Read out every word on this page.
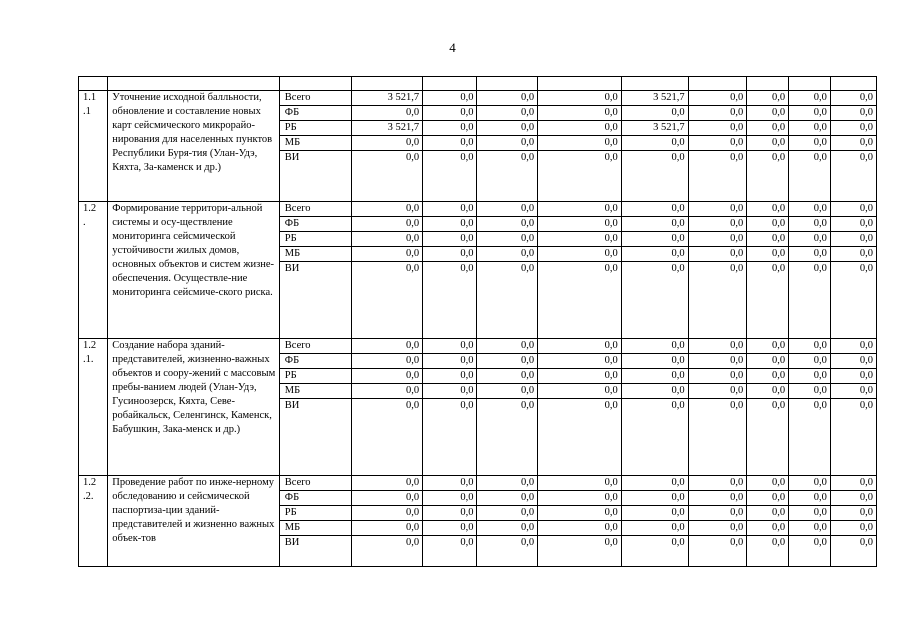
4

1.1
.1	Уточнение исходной балльности, обновление и составление новых карт сейсмического микрорайо-нирования для населенных пунктов Республики Буря-тия (Улан-Удэ, Кяхта, За-каменск и др.)	Всего	3 521,7	0,0	0,0	0,0	3 521,7	0,0	0,0	0,0	0,0
		ФБ	0,0	0,0	0,0	0,0	0,0	0,0	0,0	0,0	0,0
		РБ	3 521,7	0,0	0,0	0,0	3 521,7	0,0	0,0	0,0	0,0
		МБ	0,0	0,0	0,0	0,0	0,0	0,0	0,0	0,0	0,0
		ВИ	0,0	0,0	0,0	0,0	0,0	0,0	0,0	0,0	0,0

1.2
.	Формирование территори-альной системы и осу-ществление мониторинга сейсмической устойчивости жилых домов, основных объектов и систем жизне-обеспечения. Осуществле-ние мониторинга сейсмиче-ского риска.	Всего	0,0	0,0	0,0	0,0	0,0	0,0	0,0	0,0	0,0
		ФБ	0,0	0,0	0,0	0,0	0,0	0,0	0,0	0,0	0,0
		РБ	0,0	0,0	0,0	0,0	0,0	0,0	0,0	0,0	0,0
		МБ	0,0	0,0	0,0	0,0	0,0	0,0	0,0	0,0	0,0
		ВИ	0,0	0,0	0,0	0,0	0,0	0,0	0,0	0,0	0,0

1.2
.1.	Создание набора зданий-представителей, жизненно-важных объектов и соору-жений с массовым пребы-ванием людей (Улан-Удэ, Гусиноозерск, Кяхта, Севе-робайкальск, Селенгинск, Каменск, Бабушкин, Зака-менск и др.)	Всего	0,0	0,0	0,0	0,0	0,0	0,0	0,0	0,0	0,0
		ФБ	0,0	0,0	0,0	0,0	0,0	0,0	0,0	0,0	0,0
		РБ	0,0	0,0	0,0	0,0	0,0	0,0	0,0	0,0	0,0
		МБ	0,0	0,0	0,0	0,0	0,0	0,0	0,0	0,0	0,0
		ВИ	0,0	0,0	0,0	0,0	0,0	0,0	0,0	0,0	0,0

1.2
.2.	Проведение работ по инже-нерному обследованию и сейсмической паспортиза-ции зданий-представителей и жизненно важных объек-тов	Всего	0,0	0,0	0,0	0,0	0,0	0,0	0,0	0,0	0,0
		ФБ	0,0	0,0	0,0	0,0	0,0	0,0	0,0	0,0	0,0
		РБ	0,0	0,0	0,0	0,0	0,0	0,0	0,0	0,0	0,0
		МБ	0,0	0,0	0,0	0,0	0,0	0,0	0,0	0,0	0,0
		ВИ	0,0	0,0	0,0	0,0	0,0	0,0	0,0	0,0	0,0
